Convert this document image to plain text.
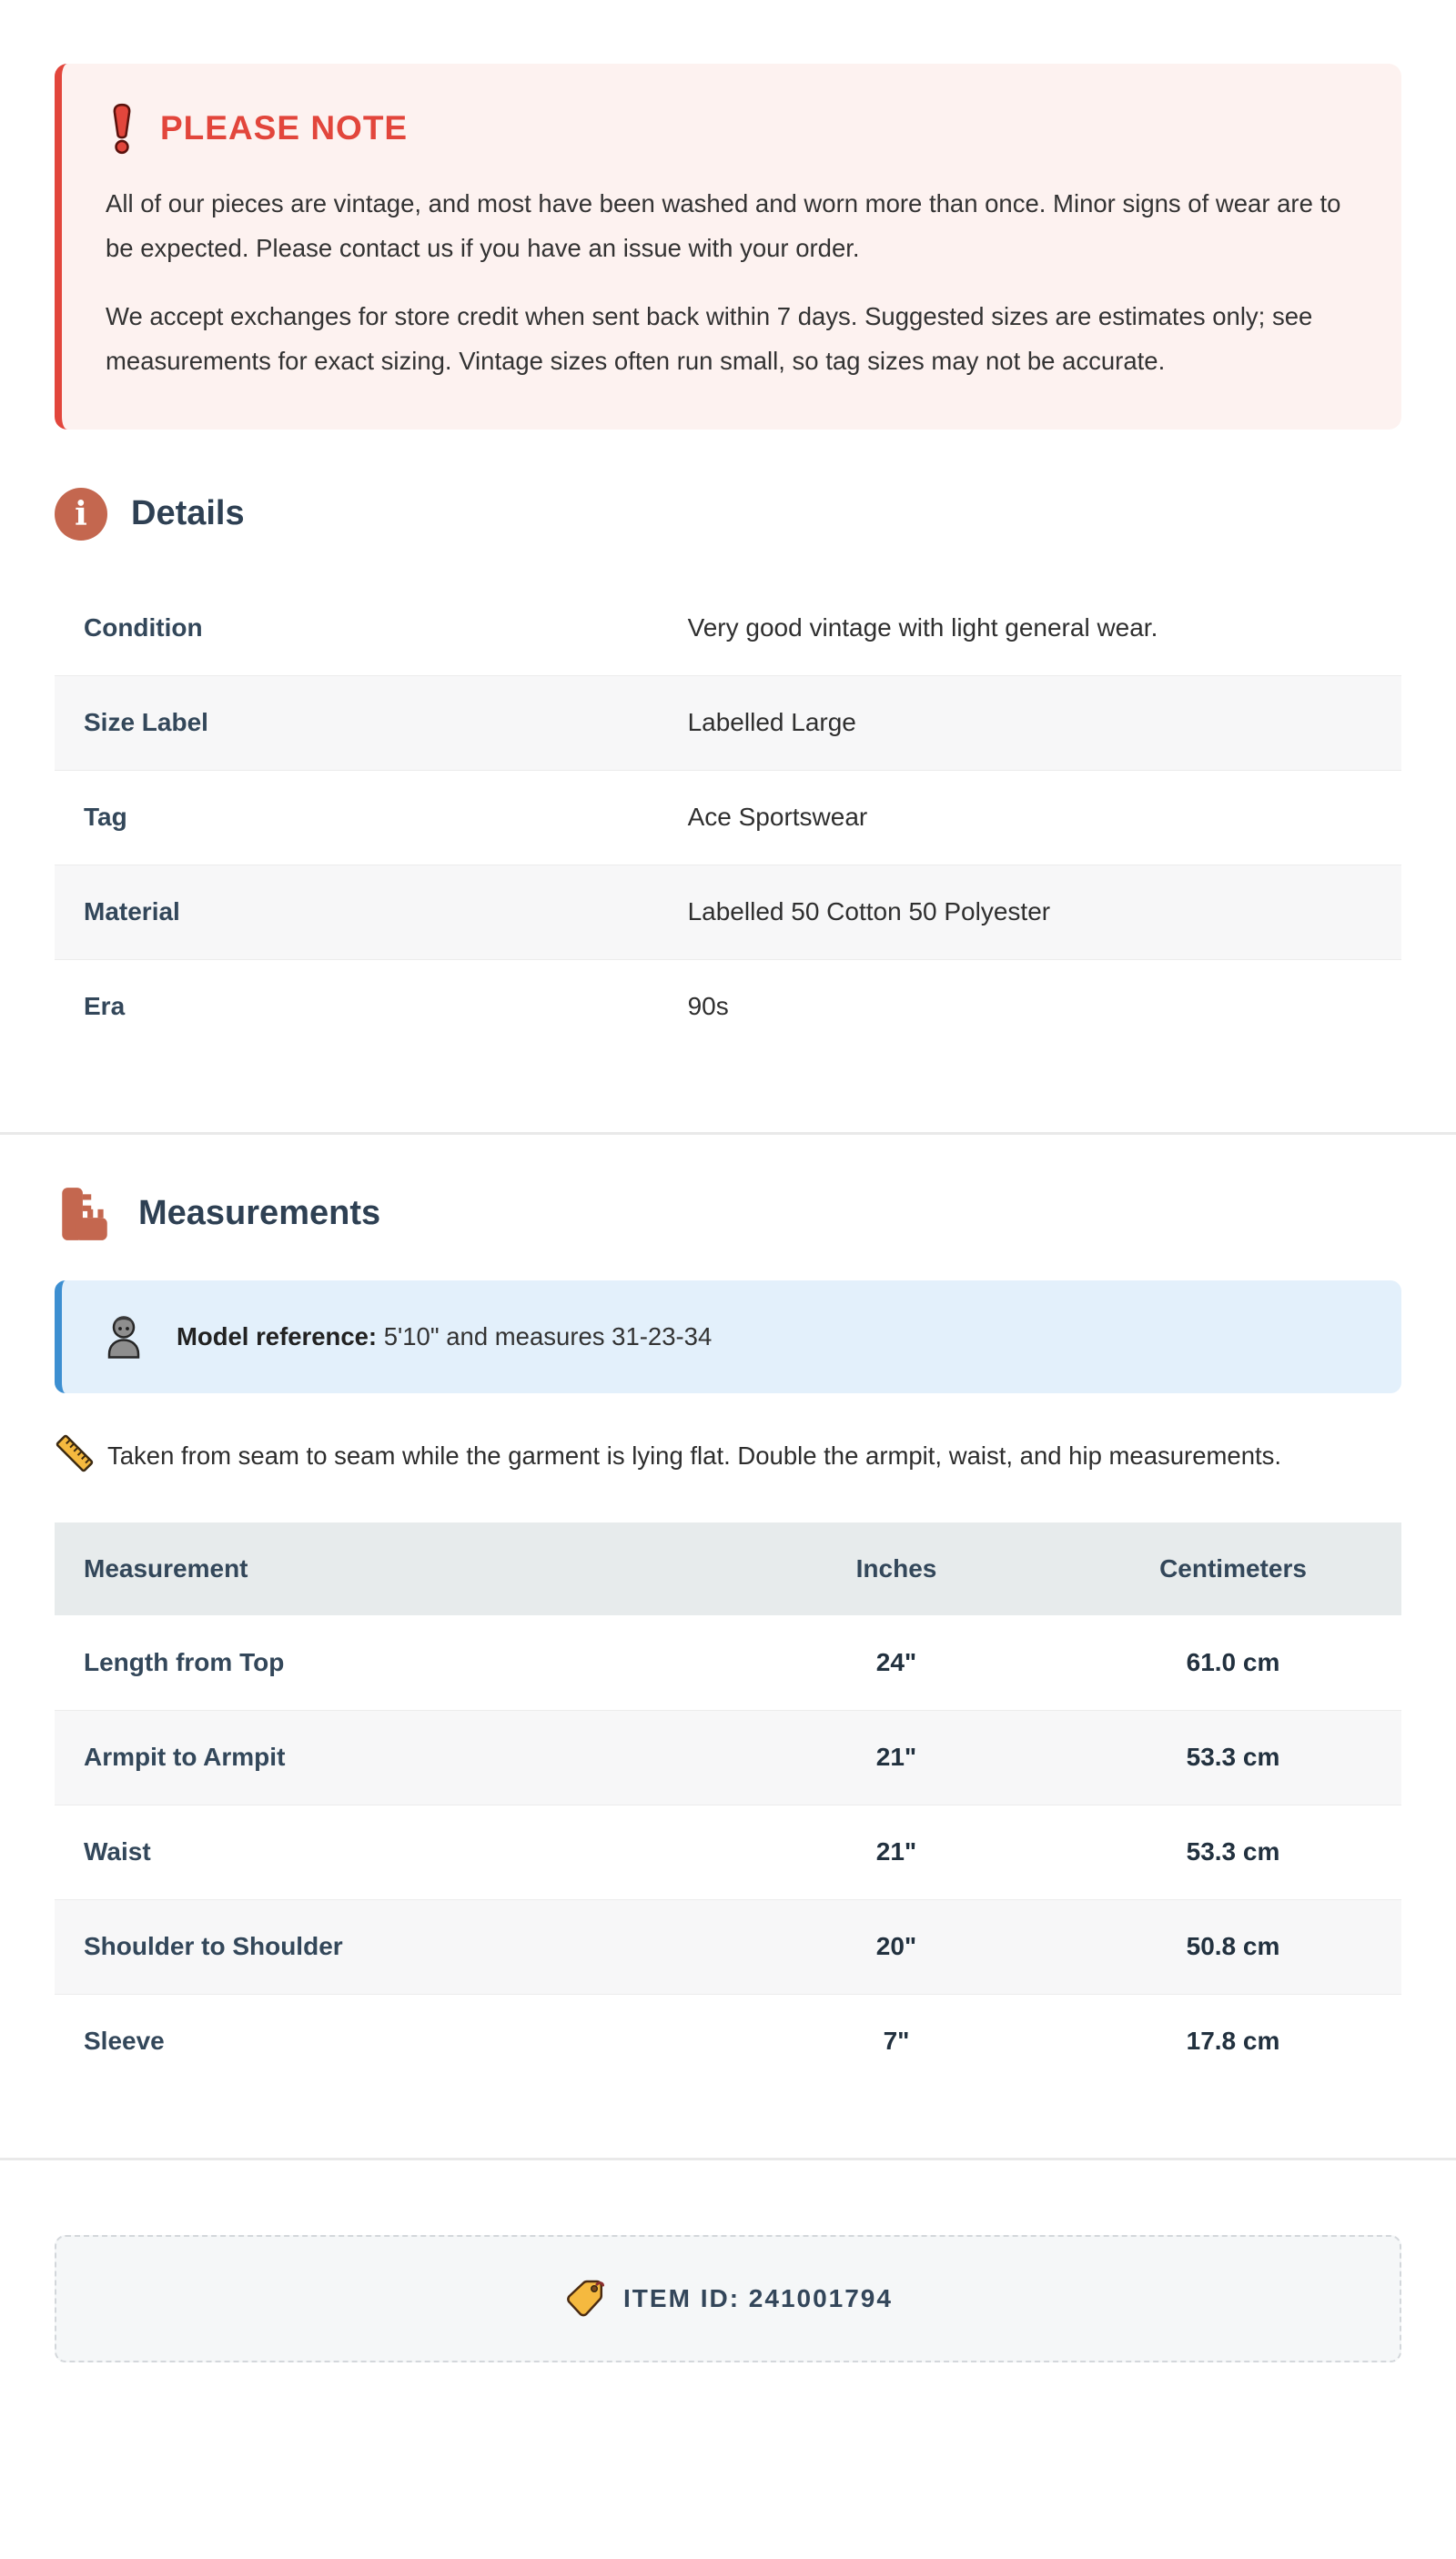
PLEASE NOTE

All of our pieces are vintage, and most have been washed and worn more than once. Minor signs of wear are to be expected. Please contact us if you have an issue with your order.

We accept exchanges for store credit when sent back within 7 days. Suggested sizes are estimates only; see measurements for exact sizing. Vintage sizes often run small, so tag sizes may not be accurate.

i	Details
Condition	Very good vintage with light general wear.
Size Label	Labelled Large
Tag	Ace Sportswear
Material	Labelled 50 Cotton 50 Polyester
Era	90s
Measurements
Model reference: 5'10" and measures 31-23-34

Taken from seam to seam while the garment is lying flat. Double the armpit, waist, and hip measurements.

Measurement	Inches	Centimeters
Length from Top	24"	61.0 cm
Armpit to Armpit	21"	53.3 cm
Waist	21"	53.3 cm
Shoulder to Shoulder	20"	50.8 cm
Sleeve	7"	17.8 cm
ITEM ID: 241001794
